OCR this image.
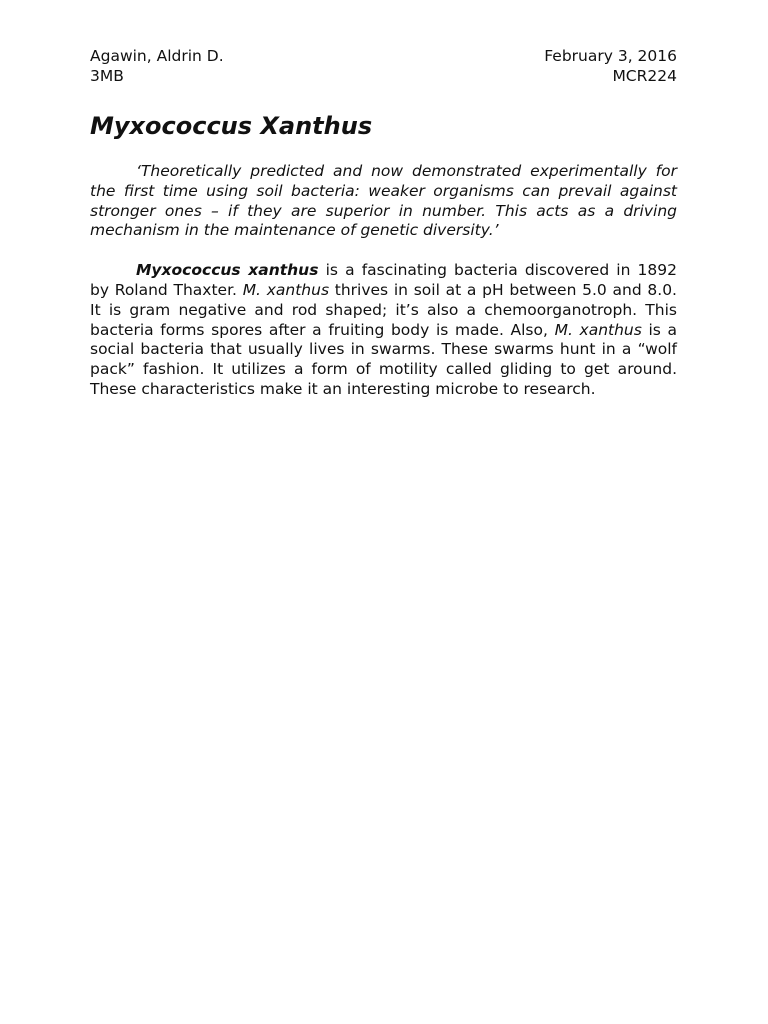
Agawin, Aldrin D.
3MB
February 3, 2016
MCR224
Myxococcus Xanthus

‘Theoretically predicted and now demonstrated experimentally for the first time using soil bacteria: weaker organisms can prevail against stronger ones – if they are superior in number. This acts as a driving mechanism in the maintenance of genetic diversity.’

Myxococcus xanthus is a fascinating bacteria discovered in 1892 by Roland Thaxter. M. xanthus thrives in soil at a pH between 5.0 and 8.0. It is gram negative and rod shaped; it’s also a chemoorganotroph. This bacteria forms spores after a fruiting body is made. Also, M. xanthus is a social bacteria that usually lives in swarms. These swarms hunt in a “wolf pack” fashion. It utilizes a form of motility called gliding to get around. These characteristics make it an interesting microbe to research.
